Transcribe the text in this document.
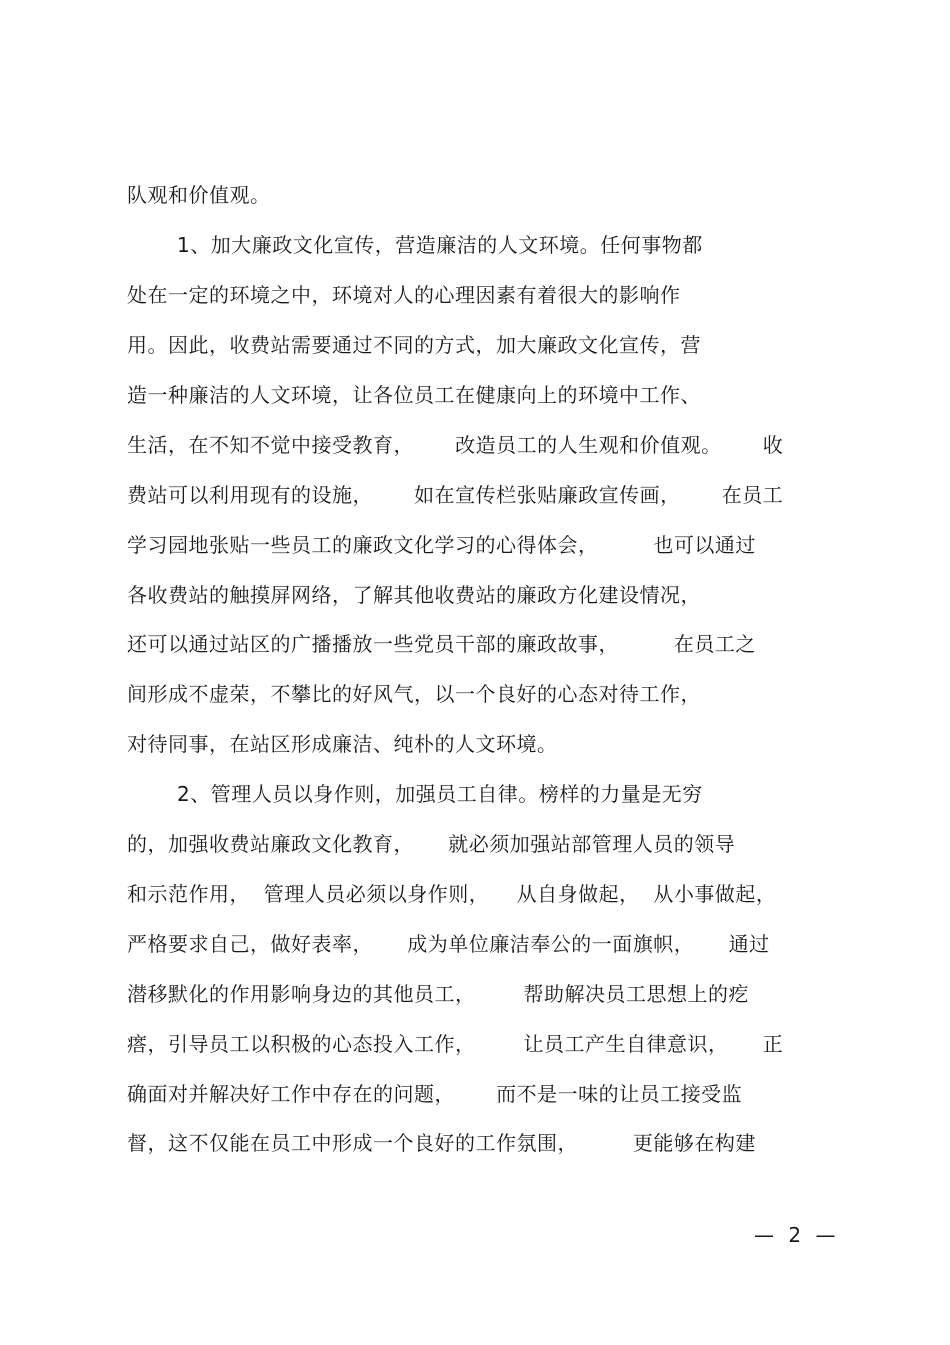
队观和价值观。
1、加大廉政文化宣传，营造廉洁的人文环境。任何事物都
处在一定的环境之中，环境对人的心理因素有着很大的影响作
用。因此，收费站需要通过不同的方式，加大廉政文化宣传，营
造一种廉洁的人文环境，让各位员工在健康向上的环境中工作、
生活，在不知不觉中接受教育，      改造员工的人生观和价值观。      收
费站可以利用现有的设施，      如在宣传栏张贴廉政宣传画，      在员工
学习园地张贴一些员工的廉政文化学习的心得体会，        也可以通过
各收费站的触摸屏网络，了解其他收费站的廉政方化建设情况，
还可以通过站区的广播播放一些党员干部的廉政故事，        在员工之
间形成不虚荣，不攀比的好风气，以一个良好的心态对待工作，
对待同事，在站区形成廉洁、纯朴的人文环境。
2、管理人员以身作则，加强员工自律。榜样的力量是无穷
的，加强收费站廉政文化教育，     就必须加强站部管理人员的领导
和示范作用，  管理人员必须以身作则，    从自身做起，  从小事做起，
严格要求自己，做好表率，     成为单位廉洁奉公的一面旗帜，     通过
潜移默化的作用影响身边的其他员工，       帮助解决员工思想上的疙
瘩，引导员工以积极的心态投入工作，       让员工产生自律意识，     正
确面对并解决好工作中存在的问题，      而不是一味的让员工接受监
督，这不仅能在员工中形成一个良好的工作氛围，        更能够在构建
— 2 —
